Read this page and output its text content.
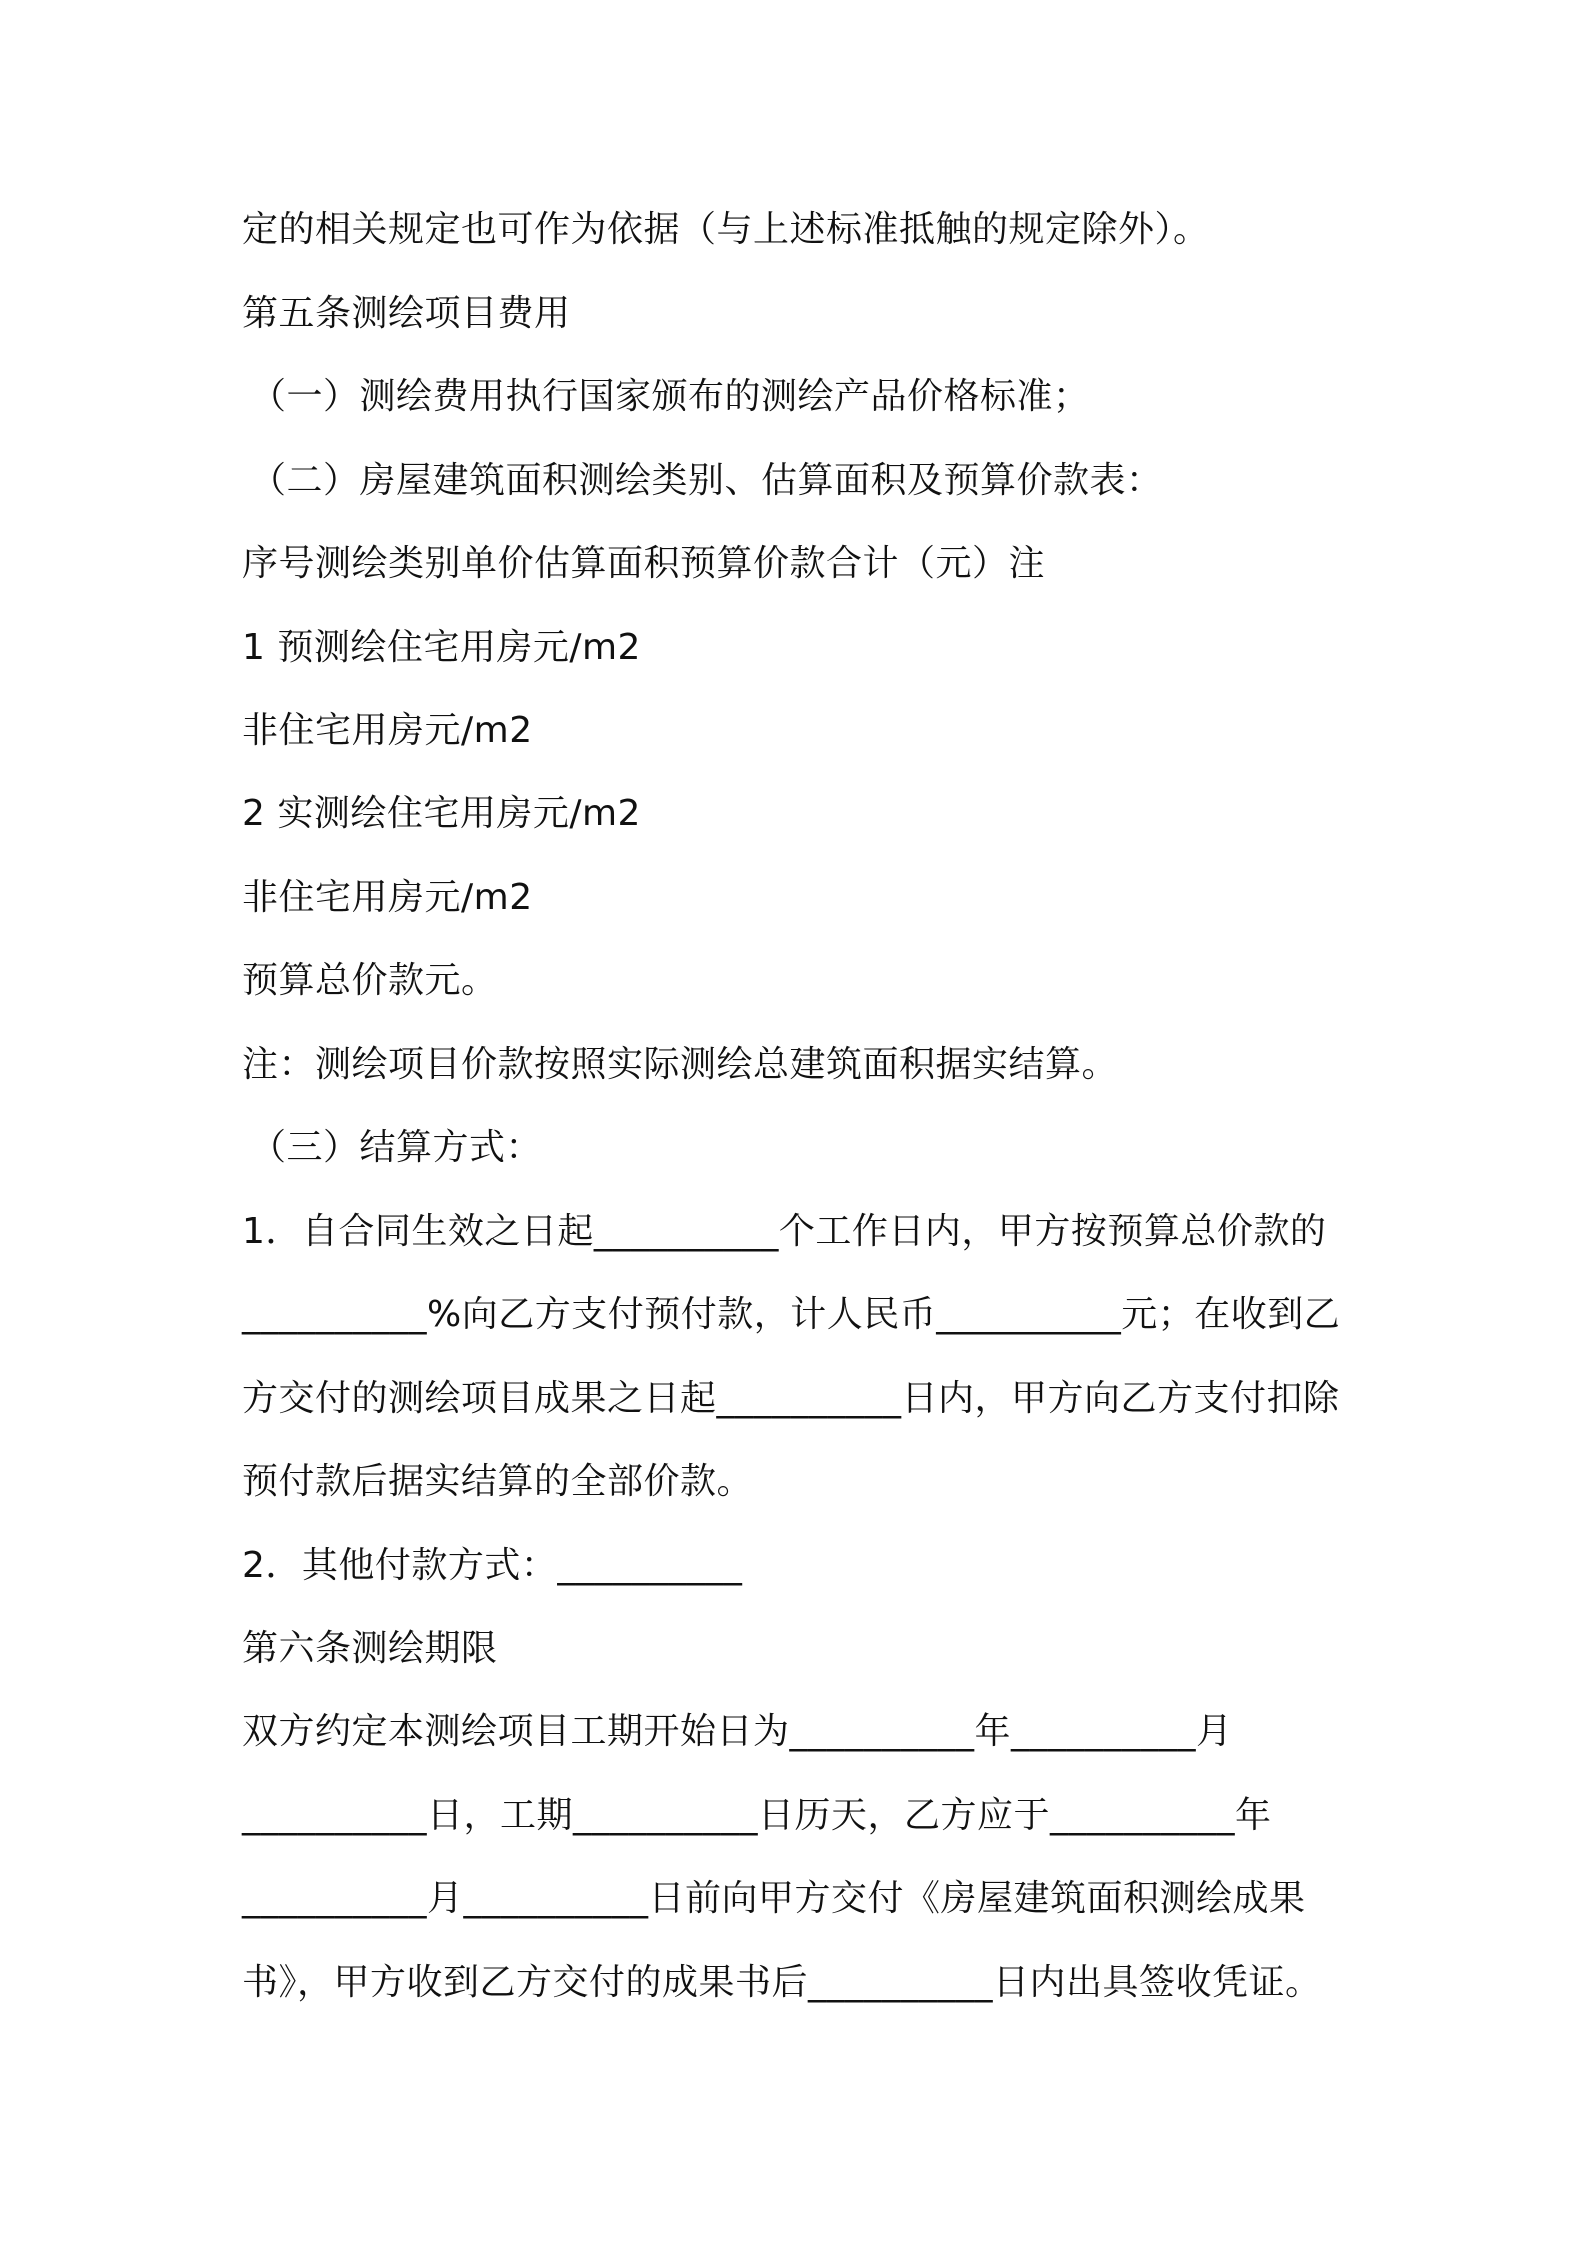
定的相关规定也可作为依据（与上述标准抵触的规定除外）。

第五条测绘项目费用

（一）测绘费用执行国家颁布的测绘产品价格标准；

（二）房屋建筑面积测绘类别、估算面积及预算价款表：

序号测绘类别单价估算面积预算价款合计（元）注

1 预测绘住宅用房元/m2

非住宅用房元/m2

2 实测绘住宅用房元/m2

非住宅用房元/m2

预算总价款元。

注：测绘项目价款按照实际测绘总建筑面积据实结算。

（三）结算方式：

1．自合同生效之日起__________个工作日内，甲方按预算总价款的

__________%向乙方支付预付款，计人民币__________元；在收到乙

方交付的测绘项目成果之日起__________日内，甲方向乙方支付扣除

预付款后据实结算的全部价款。

2．其他付款方式：__________

第六条测绘期限

双方约定本测绘项目工期开始日为__________年__________月

__________日，工期__________日历天，乙方应于__________年

__________月__________日前向甲方交付《房屋建筑面积测绘成果

书》，甲方收到乙方交付的成果书后__________日内出具签收凭证。
